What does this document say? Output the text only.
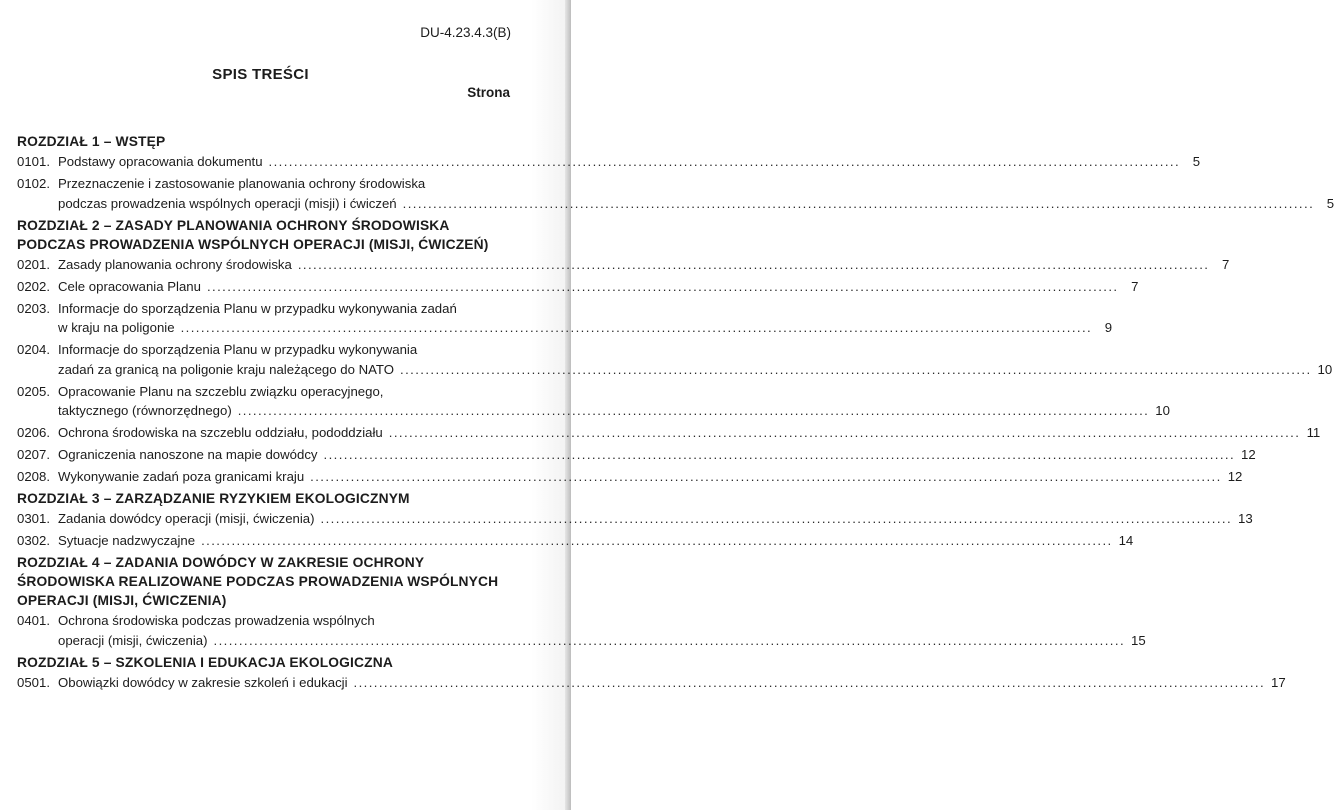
DU-4.23.4.3(B)
SPIS TREŚCI
Strona
ROZDZIAŁ 1 – WSTĘP
0101. Podstawy opracowania dokumentu .....	5
0102. Przeznaczenie i zastosowanie planowania ochrony środowiska
podczas prowadzenia wspólnych operacji (misji) i ćwiczeń .....	5
ROZDZIAŁ 2 – ZASADY PLANOWANIA OCHRONY ŚRODOWISKA PODCZAS PROWADZENIA WSPÓLNYCH OPERACJI (MISJI, ĆWICZEŃ)
0201. Zasady planowania ochrony środowiska .....	7
0202. Cele opracowania Planu .....	7
0203. Informacje do sporządzenia Planu w przypadku wykonywania zadań
w kraju na poligonie .....	9
0204. Informacje do sporządzenia Planu w przypadku wykonywania
zadań za granicą na poligonie kraju należącego do NATO .....	10
0205. Opracowanie Planu na szczeblu związku operacyjnego,
taktycznego (równorzędnego) .....	10
0206. Ochrona środowiska na szczeblu oddziału, pododdziału .....	11
0207. Ograniczenia nanoszone na mapie dowódcy .....	12
0208. Wykonywanie zadań poza granicami kraju .....	12
ROZDZIAŁ 3 – ZARZĄDZANIE RYZYKIEM EKOLOGICZNYM
0301. Zadania dowódcy operacji (misji, ćwiczenia) .....	13
0302. Sytuacje nadzwyczajne .....	14
ROZDZIAŁ 4 – ZADANIA DOWÓDCY W ZAKRESIE OCHRONY ŚRODOWISKA REALIZOWANE PODCZAS PROWADZENIA WSPÓLNYCH OPERACJI (MISJI, ĆWICZENIA)
0401. Ochrona środowiska podczas prowadzenia wspólnych
operacji (misji, ćwiczenia) .....	15
ROZDZIAŁ 5 – SZKOLENIA I EDUKACJA EKOLOGICZNA
0501. Obowiązki dowódcy w zakresie szkoleń i edukacji .....	17
